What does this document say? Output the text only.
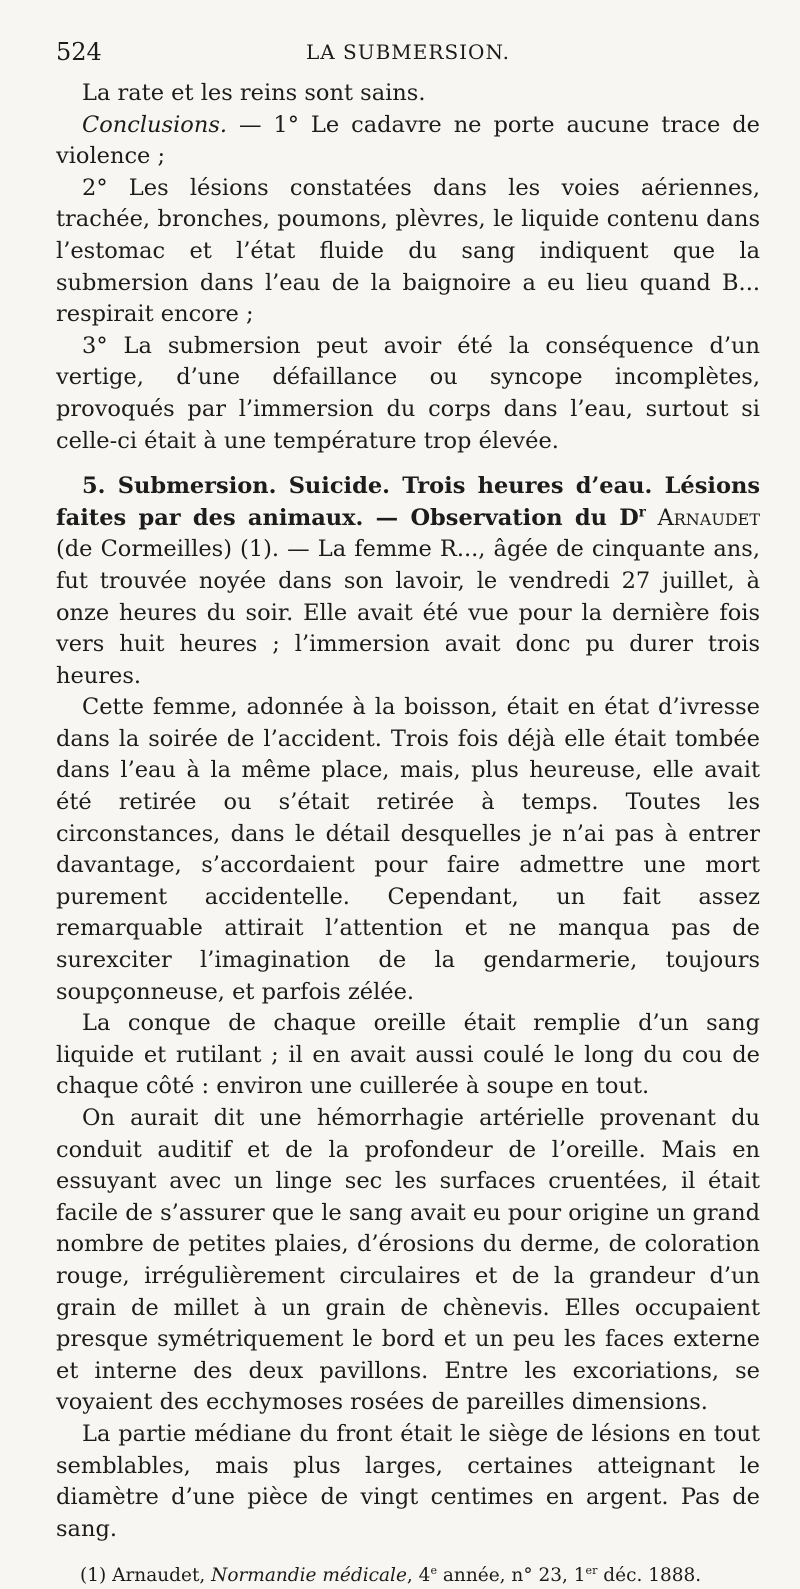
524	LA SUBMERSION.

La rate et les reins sont sains.

Conclusions. — 1° Le cadavre ne porte aucune trace de violence ;

2° Les lésions constatées dans les voies aériennes, trachée, bronches, poumons, plèvres, le liquide contenu dans l’estomac et l’état fluide du sang indiquent que la submersion dans l’eau de la baignoire a eu lieu quand B... respirait encore ;

3° La submersion peut avoir été la conséquence d’un vertige, d’une défaillance ou syncope incomplètes, provoqués par l’immersion du corps dans l’eau, surtout si celle-ci était à une température trop élevée.

5. Submersion. Suicide. Trois heures d’eau. Lésions faites par des animaux. — Observation du $D^r$ Arnaudet (de Cormeilles) (1). — La femme R..., âgée de cinquante ans, fut trouvée noyée dans son lavoir, le vendredi 27 juillet, à onze heures du soir. Elle avait été vue pour la dernière fois vers huit heures ; l’immersion avait donc pu durer trois heures.

Cette femme, adonnée à la boisson, était en état d’ivresse dans la soirée de l’accident. Trois fois déjà elle était tombée dans l’eau à la même place, mais, plus heureuse, elle avait été retirée ou s’était retirée à temps. Toutes les circonstances, dans le détail desquelles je n’ai pas à entrer davantage, s’accordaient pour faire admettre une mort purement accidentelle. Cependant, un fait assez remarquable attirait l’attention et ne manqua pas de surexciter l’imagination de la gendarmerie, toujours soupçonneuse, et parfois zélée.

La conque de chaque oreille était remplie d’un sang liquide et rutilant ; il en avait aussi coulé le long du cou de chaque côté : environ une cuillerée à soupe en tout.

On aurait dit une hémorrhagie artérielle provenant du conduit auditif et de la profondeur de l’oreille. Mais en essuyant avec un linge sec les surfaces cruentées, il était facile de s’assurer que le sang avait eu pour origine un grand nombre de petites plaies, d’érosions du derme, de coloration rouge, irrégulièrement circulaires et de la grandeur d’un grain de millet à un grain de chènevis. Elles occupaient presque symétriquement le bord et un peu les faces externe et interne des deux pavillons. Entre les excoriations, se voyaient des ecchymoses rosées de pareilles dimensions.

La partie médiane du front était le siège de lésions en tout semblables, mais plus larges, certaines atteignant le diamètre d’une pièce de vingt centimes en argent. Pas de sang.

(1) Arnaudet, Normandie médicale, 4e année, n° 23, 1er déc. 1888.
